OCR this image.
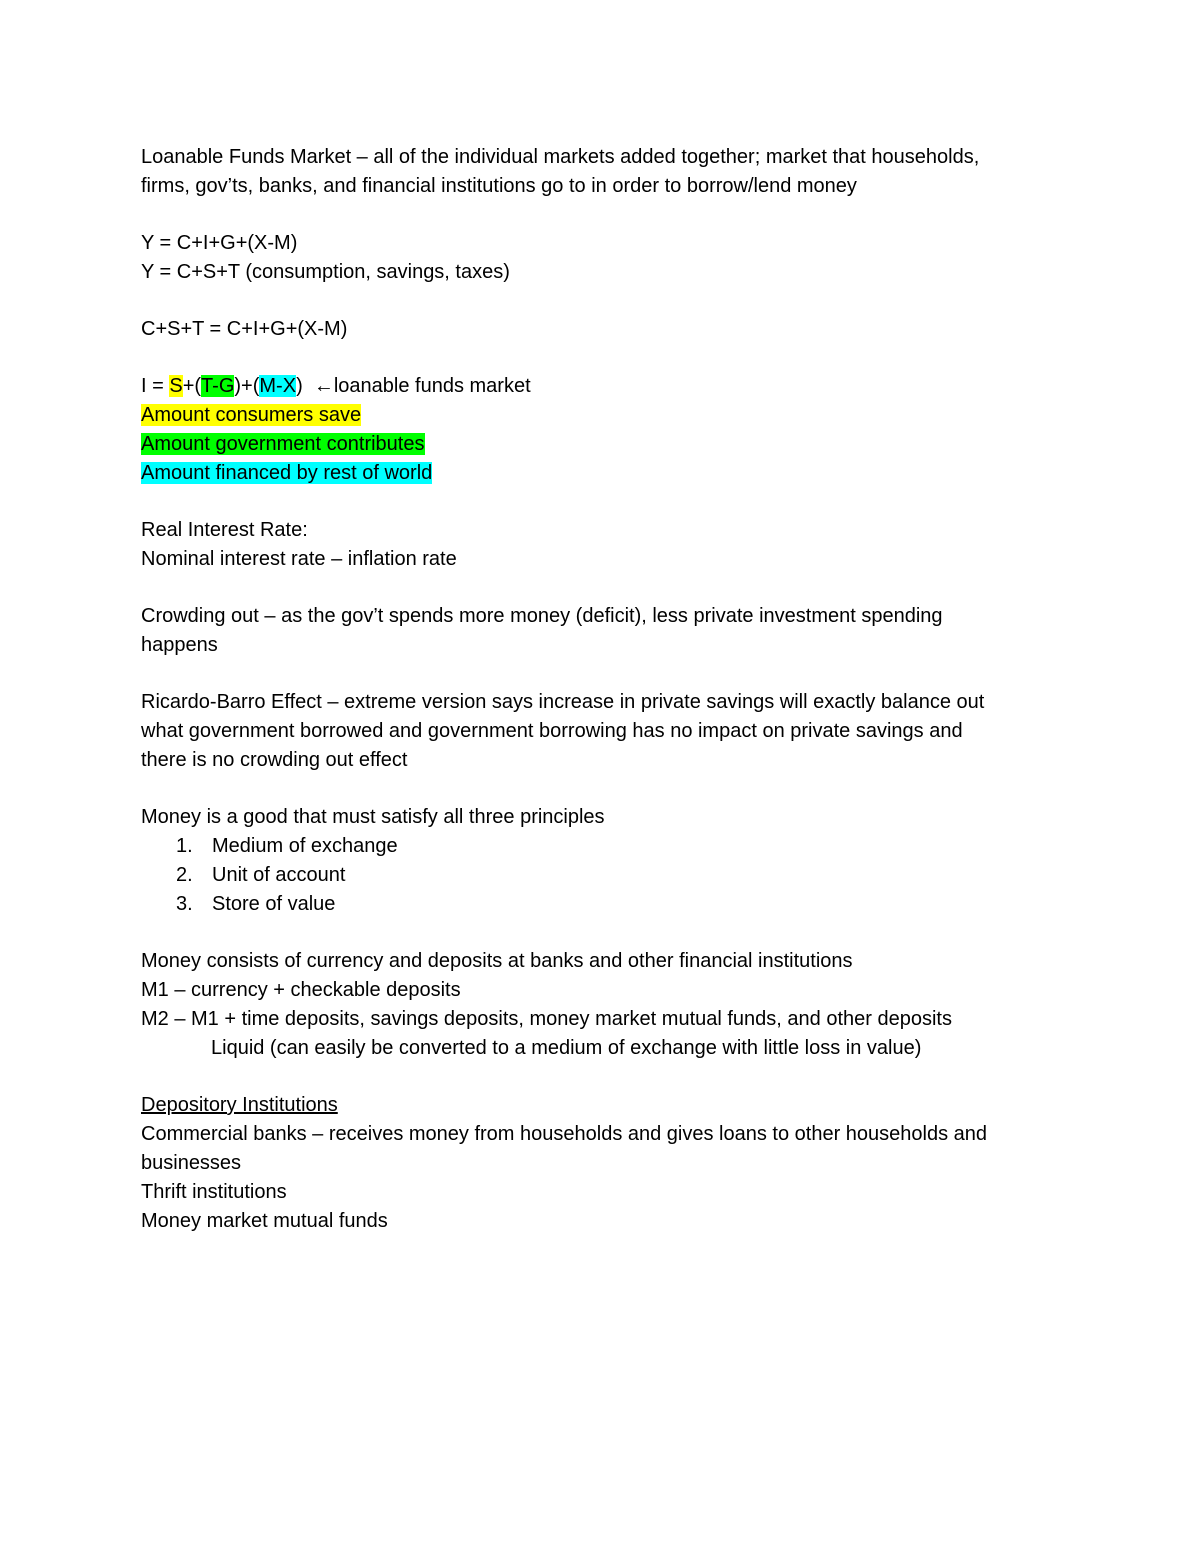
Loanable Funds Market – all of the individual markets added together; market that households,
firms, gov’ts, banks, and financial institutions go to in order to borrow/lend money
Y = C+I+G+(X-M)
Y = C+S+T (consumption, savings, taxes)
C+S+T = C+I+G+(X-M)
I = S+(T-G)+(M-X)  ←loanable funds market
Amount consumers save
Amount government contributes
Amount financed by rest of world
Real Interest Rate:
Nominal interest rate – inflation rate
Crowding out – as the gov’t spends more money (deficit), less private investment spending
happens
Ricardo-Barro Effect – extreme version says increase in private savings will exactly balance out
what government borrowed and government borrowing has no impact on private savings and
there is no crowding out effect
Money is a good that must satisfy all three principles
1. Medium of exchange
2. Unit of account
3. Store of value
Money consists of currency and deposits at banks and other financial institutions
M1 – currency + checkable deposits
M2 – M1 + time deposits, savings deposits, money market mutual funds, and other deposits
Liquid (can easily be converted to a medium of exchange with little loss in value)
Depository Institutions
Commercial banks – receives money from households and gives loans to other households and
businesses
Thrift institutions
Money market mutual funds
